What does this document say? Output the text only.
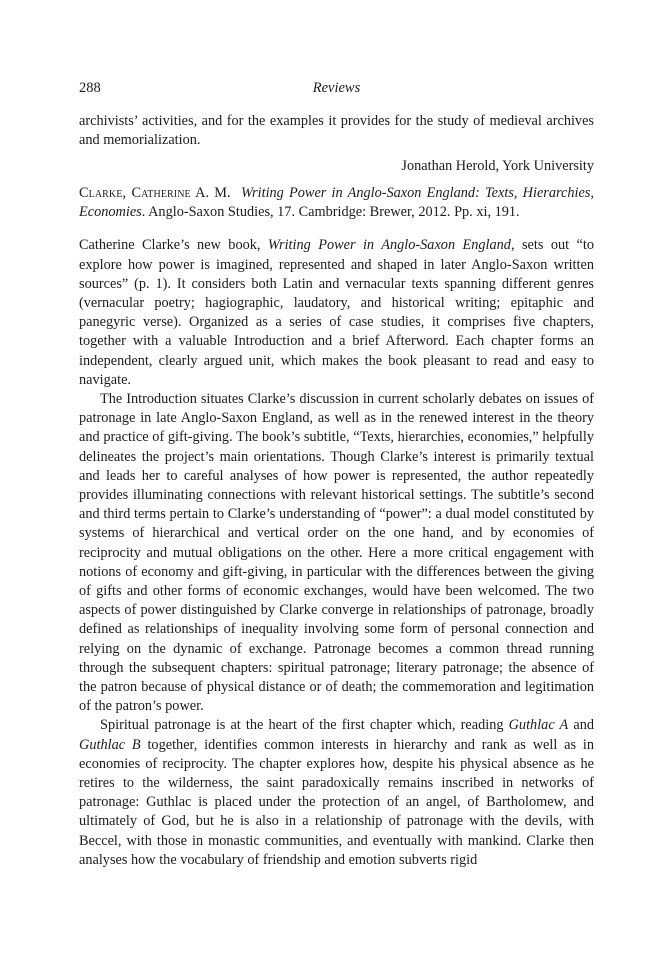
288	Reviews

archivists’ activities, and for the examples it provides for the study of medieval archives and memorialization.

Jonathan Herold, York University

Clarke, Catherine A. M. Writing Power in Anglo-Saxon England: Texts, Hierarchies, Economies. Anglo-Saxon Studies, 17. Cambridge: Brewer, 2012. Pp. xi, 191.

Catherine Clarke’s new book, Writing Power in Anglo-Saxon England, sets out “to explore how power is imagined, represented and shaped in later Anglo-Saxon written sources” (p. 1). It considers both Latin and vernacular texts spanning different genres (vernacular poetry; hagiographic, laudatory, and historical writing; epitaphic and panegyric verse). Organized as a series of case studies, it comprises five chapters, together with a valuable Introduction and a brief Afterword. Each chapter forms an independent, clearly argued unit, which makes the book pleasant to read and easy to navigate.

The Introduction situates Clarke’s discussion in current scholarly debates on issues of patronage in late Anglo-Saxon England, as well as in the renewed interest in the theory and practice of gift-giving. The book’s subtitle, “Texts, hierarchies, economies,” helpfully delineates the project’s main orientations. Though Clarke’s interest is primarily textual and leads her to careful analyses of how power is represented, the author repeatedly provides illuminating connections with relevant historical settings. The subtitle’s second and third terms pertain to Clarke’s understanding of “power”: a dual model constituted by systems of hierarchical and vertical order on the one hand, and by economies of reciprocity and mutual obligations on the other. Here a more critical engagement with notions of economy and gift-giving, in particular with the differences between the giving of gifts and other forms of economic exchanges, would have been welcomed. The two aspects of power distinguished by Clarke converge in relationships of patronage, broadly defined as relationships of inequality involving some form of personal connection and relying on the dynamic of exchange. Patronage becomes a common thread running through the subsequent chapters: spiritual patronage; literary patronage; the absence of the patron because of physical distance or of death; the commemoration and legitimation of the patron’s power.

Spiritual patronage is at the heart of the first chapter which, reading Guthlac A and Guthlac B together, identifies common interests in hierarchy and rank as well as in economies of reciprocity. The chapter explores how, despite his physical absence as he retires to the wilderness, the saint paradoxically remains inscribed in networks of patronage: Guthlac is placed under the protection of an angel, of Bartholomew, and ultimately of God, but he is also in a relationship of patronage with the devils, with Beccel, with those in monastic communities, and eventually with mankind. Clarke then analyses how the vocabulary of friendship and emotion subverts rigid
